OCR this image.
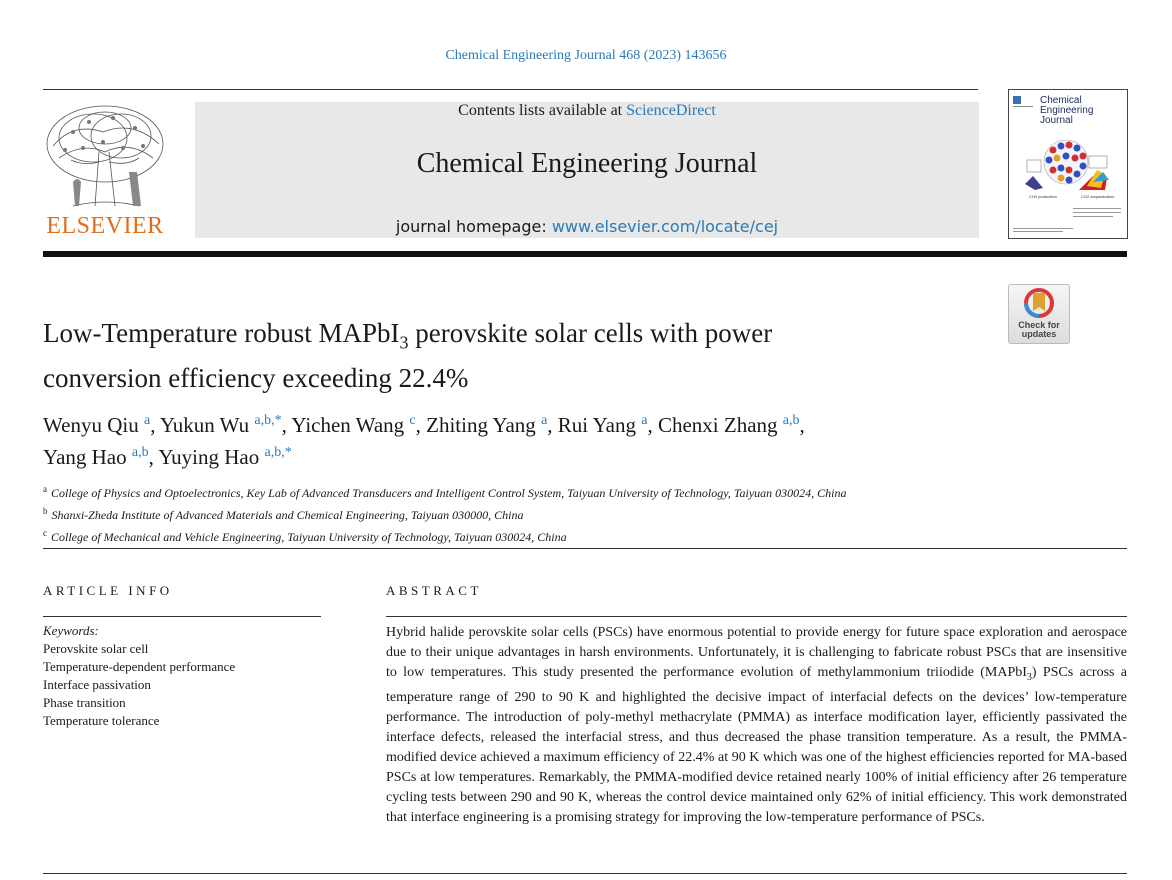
Chemical Engineering Journal 468 (2023) 143656
ELSEVIER
Contents lists available at ScienceDirect
Chemical Engineering Journal
journal homepage: www.elsevier.com/locate/cej
Chemical
Engineering
Journal
CH4 production	CO2 sequestration
Check for
updates
Low-Temperature robust MAPbI$_3$ perovskite solar cells with power
conversion efficiency exceeding 22.4%
Wenyu Qiu $^a$, Yukun Wu $^{a,b,*}$, Yichen Wang $^c$, Zhiting Yang $^a$, Rui Yang $^a$, Chenxi Zhang $^{a,b}$,
Yang Hao $^{a,b}$, Yuying Hao $^{a,b,*}$
$^a$ College of Physics and Optoelectronics, Key Lab of Advanced Transducers and Intelligent Control System, Taiyuan University of Technology, Taiyuan 030024, China
$^b$ Shanxi-Zheda Institute of Advanced Materials and Chemical Engineering, Taiyuan 030000, China
$^c$ College of Mechanical and Vehicle Engineering, Taiyuan University of Technology, Taiyuan 030024, China
ARTICLE INFO	ABSTRACT
Keywords:
Perovskite solar cell
Temperature-dependent performance
Interface passivation
Phase transition
Temperature tolerance
Hybrid halide perovskite solar cells (PSCs) have enormous potential to provide energy for future space exploration and aerospace due to their unique advantages in harsh environments. Unfortunately, it is challenging to fabricate robust PSCs that are insensitive to low temperatures. This study presented the performance evolution of methylammonium triiodide (MAPbI$_3$) PSCs across a temperature range of 290 to 90 K and highlighted the decisive impact of interfacial defects on the devices’ low-temperature performance. The introduction of poly-methyl methacrylate (PMMA) as interface modification layer, efficiently passivated the interface defects, released the interfacial stress, and thus decreased the phase transition temperature. As a result, the PMMA-modified device achieved a maximum efficiency of 22.4% at 90 K which was one of the highest efficiencies reported for MA-based PSCs at low temperatures. Remarkably, the PMMA-modified device retained nearly 100% of initial efficiency after 26 temperature cycling tests between 290 and 90 K, whereas the control device maintained only 62% of initial efficiency. This work demonstrated that interface engineering is a promising strategy for improving the low-temperature performance of PSCs.
